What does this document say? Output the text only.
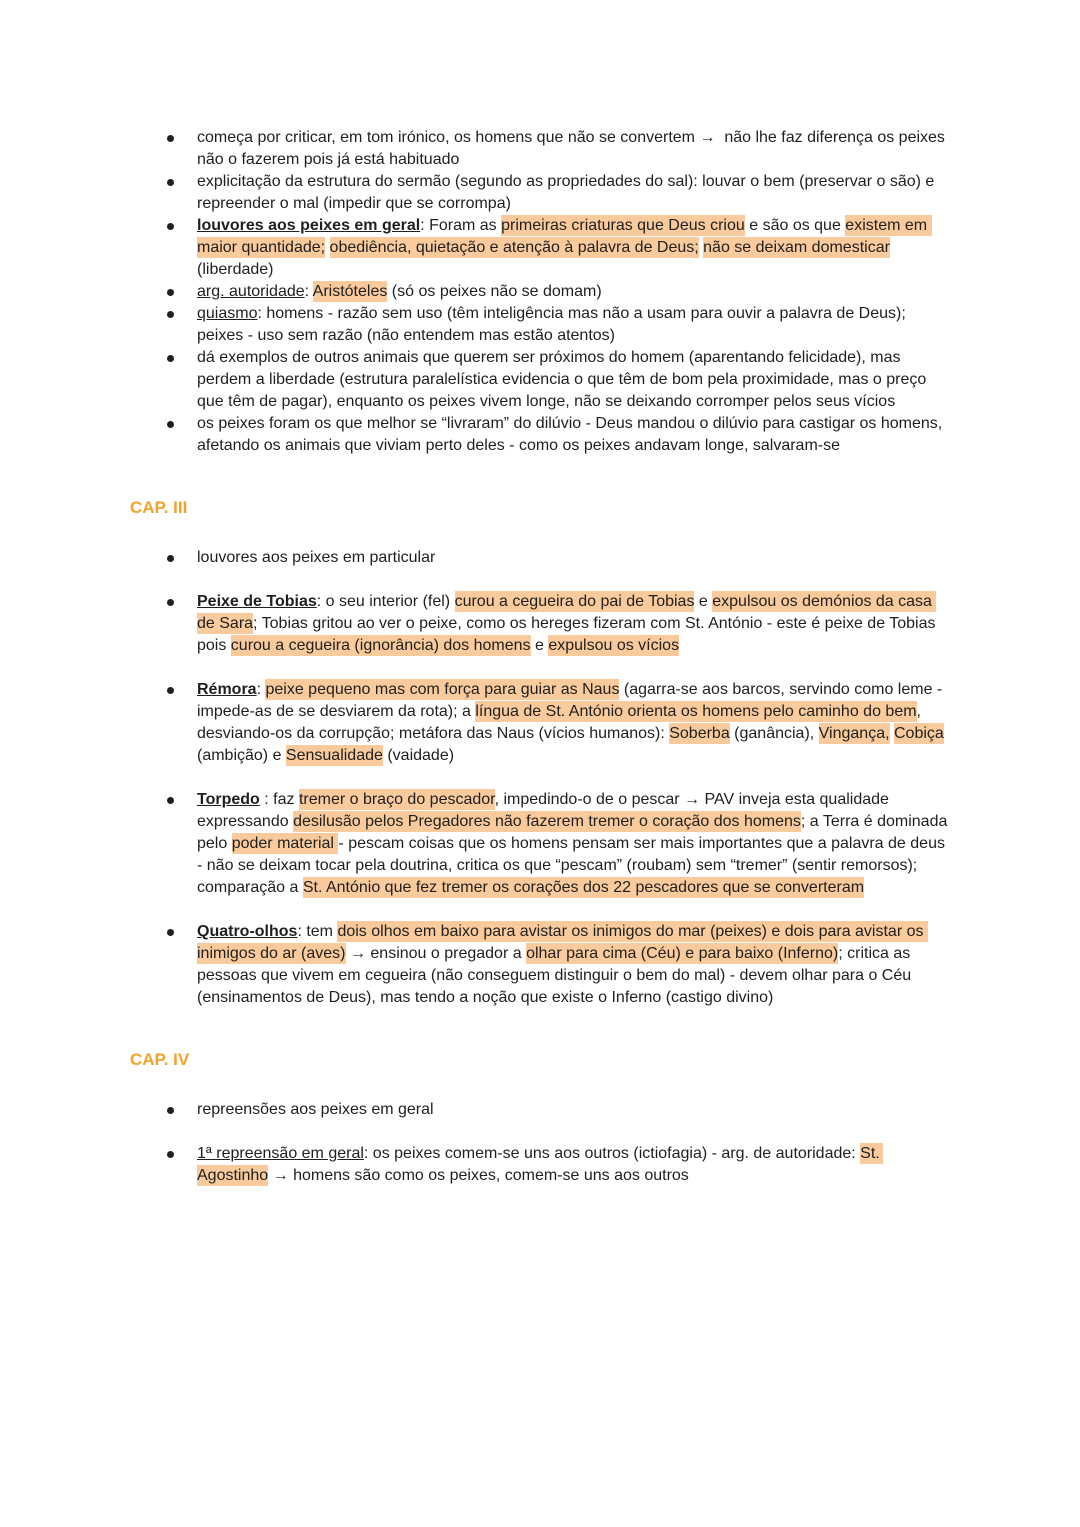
começa por criticar, em tom irónico, os homens que não se convertem →  não lhe faz diferença os peixes não o fazerem pois já está habituado
explicitação da estrutura do sermão (segundo as propriedades do sal): louvar o bem (preservar o são) e repreender o mal (impedir que se corrompa)
louvores aos peixes em geral: Foram as primeiras criaturas que Deus criou e são os que existem em maior quantidade; obediência, quietação e atenção à palavra de Deus; não se deixam domesticar (liberdade)
arg. autoridade: Aristóteles (só os peixes não se domam)
quiasmo: homens - razão sem uso (têm inteligência mas não a usam para ouvir a palavra de Deus); peixes - uso sem razão (não entendem mas estão atentos)
dá exemplos de outros animais que querem ser próximos do homem (aparentando felicidade), mas perdem a liberdade (estrutura paralelística evidencia o que têm de bom pela proximidade, mas o preço que têm de pagar), enquanto os peixes vivem longe, não se deixando corromper pelos seus vícios
os peixes foram os que melhor se “livraram” do dilúvio - Deus mandou o dilúvio para castigar os homens, afetando os animais que viviam perto deles - como os peixes andavam longe, salvaram-se
CAP. III
louvores aos peixes em particular
Peixe de Tobias: o seu interior (fel) curou a cegueira do pai de Tobias e expulsou os demónios da casa de Sara; Tobias gritou ao ver o peixe, como os hereges fizeram com St. António - este é peixe de Tobias pois curou a cegueira (ignorância) dos homens e expulsou os vícios
Rémora: peixe pequeno mas com força para guiar as Naus (agarra-se aos barcos, servindo como leme - impede-as de se desviarem da rota); a língua de St. António orienta os homens pelo caminho do bem, desviando-os da corrupção; metáfora das Naus (vícios humanos): Soberba (ganância), Vingança, Cobiça (ambição) e Sensualidade (vaidade)
Torpedo : faz tremer o braço do pescador, impedindo-o de o pescar → PAV inveja esta qualidade expressando desilusão pelos Pregadores não fazerem tremer o coração dos homens; a Terra é dominada pelo poder material - pescam coisas que os homens pensam ser mais importantes que a palavra de deus - não se deixam tocar pela doutrina, critica os que “pescam” (roubam) sem “tremer” (sentir remorsos); comparação a St. António que fez tremer os corações dos 22 pescadores que se converteram
Quatro-olhos: tem dois olhos em baixo para avistar os inimigos do mar (peixes) e dois para avistar os inimigos do ar (aves) → ensinou o pregador a olhar para cima (Céu) e para baixo (Inferno); critica as pessoas que vivem em cegueira (não conseguem distinguir o bem do mal) - devem olhar para o Céu (ensinamentos de Deus), mas tendo a noção que existe o Inferno (castigo divino)
CAP. IV
repreensões aos peixes em geral
1ª repreensão em geral: os peixes comem-se uns aos outros (ictiofagia) - arg. de autoridade: St. Agostinho → homens são como os peixes, comem-se uns aos outros
